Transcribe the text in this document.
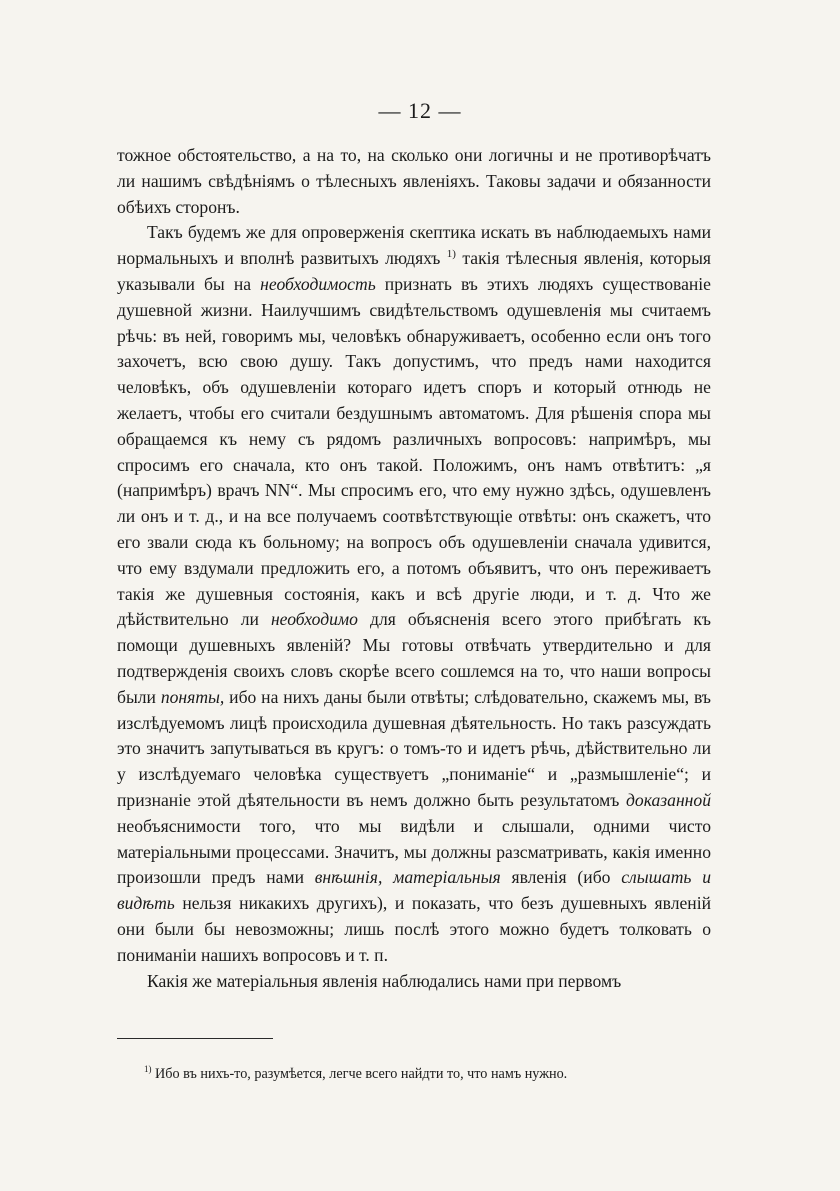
— 12 —

тожное обстоятельство, а на то, на сколько они логичны и не противорѣчатъ ли нашимъ свѣдѣніямъ о тѣлесныхъ явленіяхъ. Таковы задачи и обязанности обѣихъ сторонъ.

Такъ будемъ же для опроверженія скептика искать въ наблюдаемыхъ нами нормальныхъ и вполнѣ развитыхъ людяхъ $^{1)}$ такія тѣлесныя явленія, которыя указывали бы на необходимость признать въ этихъ людяхъ существованіе душевной жизни. Наилучшимъ свидѣтельствомъ одушевленія мы считаемъ рѣчь: въ ней, говоримъ мы, человѣкъ обнаруживаетъ, особенно если онъ того захочетъ, всю свою душу. Такъ допустимъ, что предъ нами находится человѣкъ, объ одушевленіи котораго идетъ споръ и который отнюдь не желаетъ, чтобы его считали бездушнымъ автоматомъ. Для рѣшенія спора мы обращаемся къ нему съ рядомъ различныхъ вопросовъ: напримѣръ, мы спросимъ его сначала, кто онъ такой. Положимъ, онъ намъ отвѣтитъ: „я (напримѣръ) врачъ NN“. Мы спросимъ его, что ему нужно здѣсь, одушевленъ ли онъ и т. д., и на все получаемъ соотвѣтствующіе отвѣты: онъ скажетъ, что его звали сюда къ больному; на вопросъ объ одушевленіи сначала удивится, что ему вздумали предложить его, а потомъ объявитъ, что онъ переживаетъ такія же душевныя состоянія, какъ и всѣ другіе люди, и т. д. Что же дѣйствительно ли необходимо для объясненія всего этого прибѣгать къ помощи душевныхъ явленій? Мы готовы отвѣчать утвердительно и для подтвержденія своихъ словъ скорѣе всего сошлемся на то, что наши вопросы были поняты, ибо на нихъ даны были отвѣты; слѣдовательно, скажемъ мы, въ изслѣдуемомъ лицѣ происходила душевная дѣятельность. Но такъ разсуждать это значитъ запутываться въ кругъ: о томъ-то и идетъ рѣчь, дѣйствительно ли у изслѣдуемаго человѣка существуетъ „пониманіе“ и „размышленіе“; и признаніе этой дѣятельности въ немъ должно быть результатомъ доказанной необъяснимости того, что мы видѣли и слышали, одними чисто матеріальными процессами. Значитъ, мы должны разсматривать, какія именно произошли предъ нами внѣшнія, матеріальныя явленія (ибо слышать и видѣть нельзя никакихъ другихъ), и показать, что безъ душевныхъ явленій они были бы невозможны; лишь послѣ этого можно будетъ толковать о пониманіи нашихъ вопросовъ и т. п.

Какія же матеріальныя явленія наблюдались нами при первомъ

$^{1)}$ Ибо въ нихъ-то, разумѣется, легче всего найдти то, что намъ нужно.
